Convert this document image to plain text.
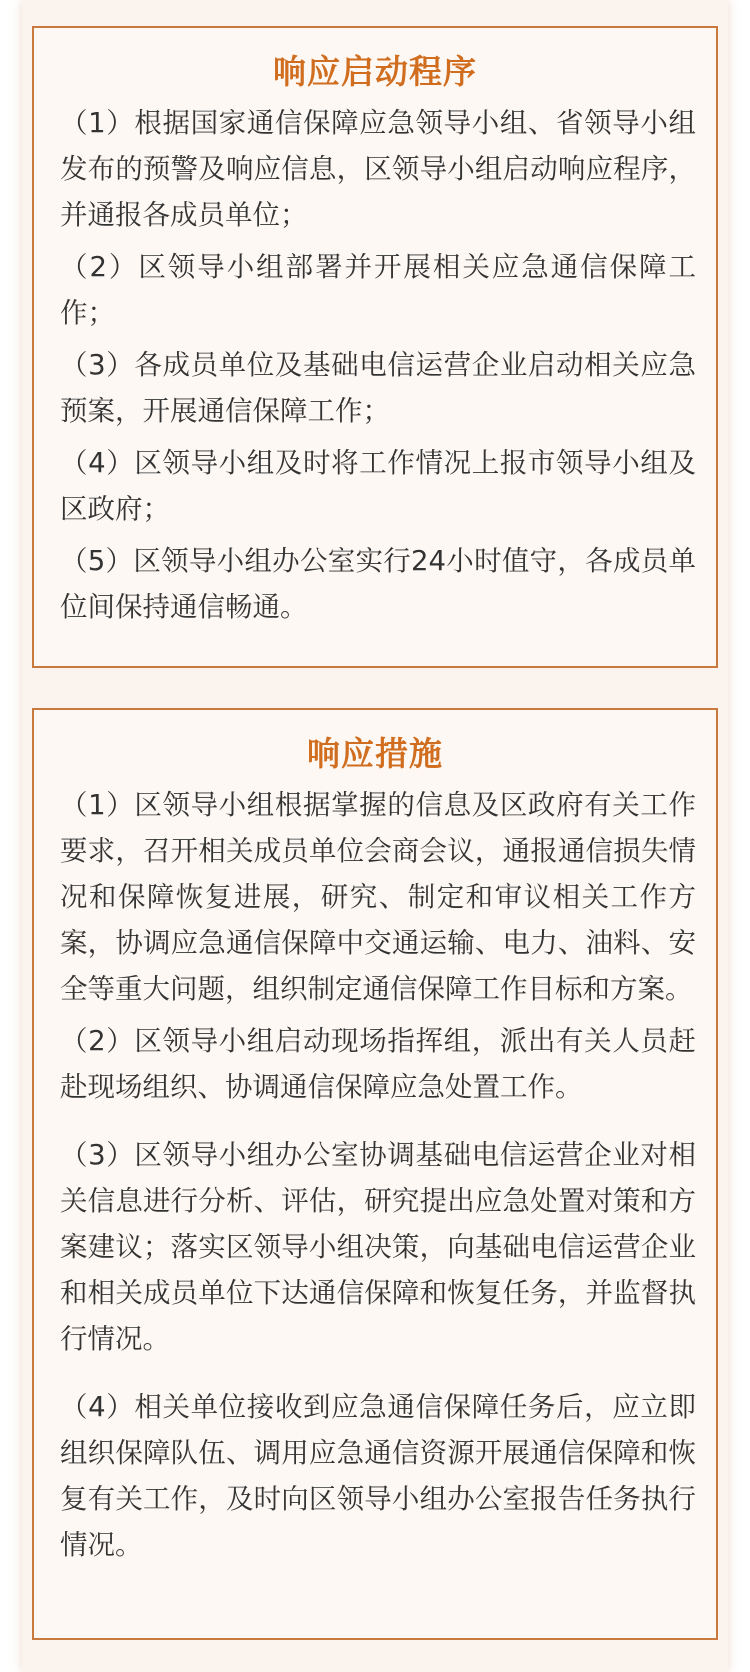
响应启动程序

（1）根据国家通信保障应急领导小组、省领导小组发布的预警及响应信息，区领导小组启动响应程序，并通报各成员单位；

（2）区领导小组部署并开展相关应急通信保障工作；

（3）各成员单位及基础电信运营企业启动相关应急预案，开展通信保障工作；

（4）区领导小组及时将工作情况上报市领导小组及区政府；

（5）区领导小组办公室实行24小时值守，各成员单位间保持通信畅通。

响应措施

（1）区领导小组根据掌握的信息及区政府有关工作要求，召开相关成员单位会商会议，通报通信损失情况和保障恢复进展，研究、制定和审议相关工作方案，协调应急通信保障中交通运输、电力、油料、安全等重大问题，组织制定通信保障工作目标和方案。

（2）区领导小组启动现场指挥组，派出有关人员赶赴现场组织、协调通信保障应急处置工作。

（3）区领导小组办公室协调基础电信运营企业对相关信息进行分析、评估，研究提出应急处置对策和方案建议；落实区领导小组决策，向基础电信运营企业和相关成员单位下达通信保障和恢复任务，并监督执行情况。

（4）相关单位接收到应急通信保障任务后，应立即组织保障队伍、调用应急通信资源开展通信保障和恢复有关工作，及时向区领导小组办公室报告任务执行情况。
